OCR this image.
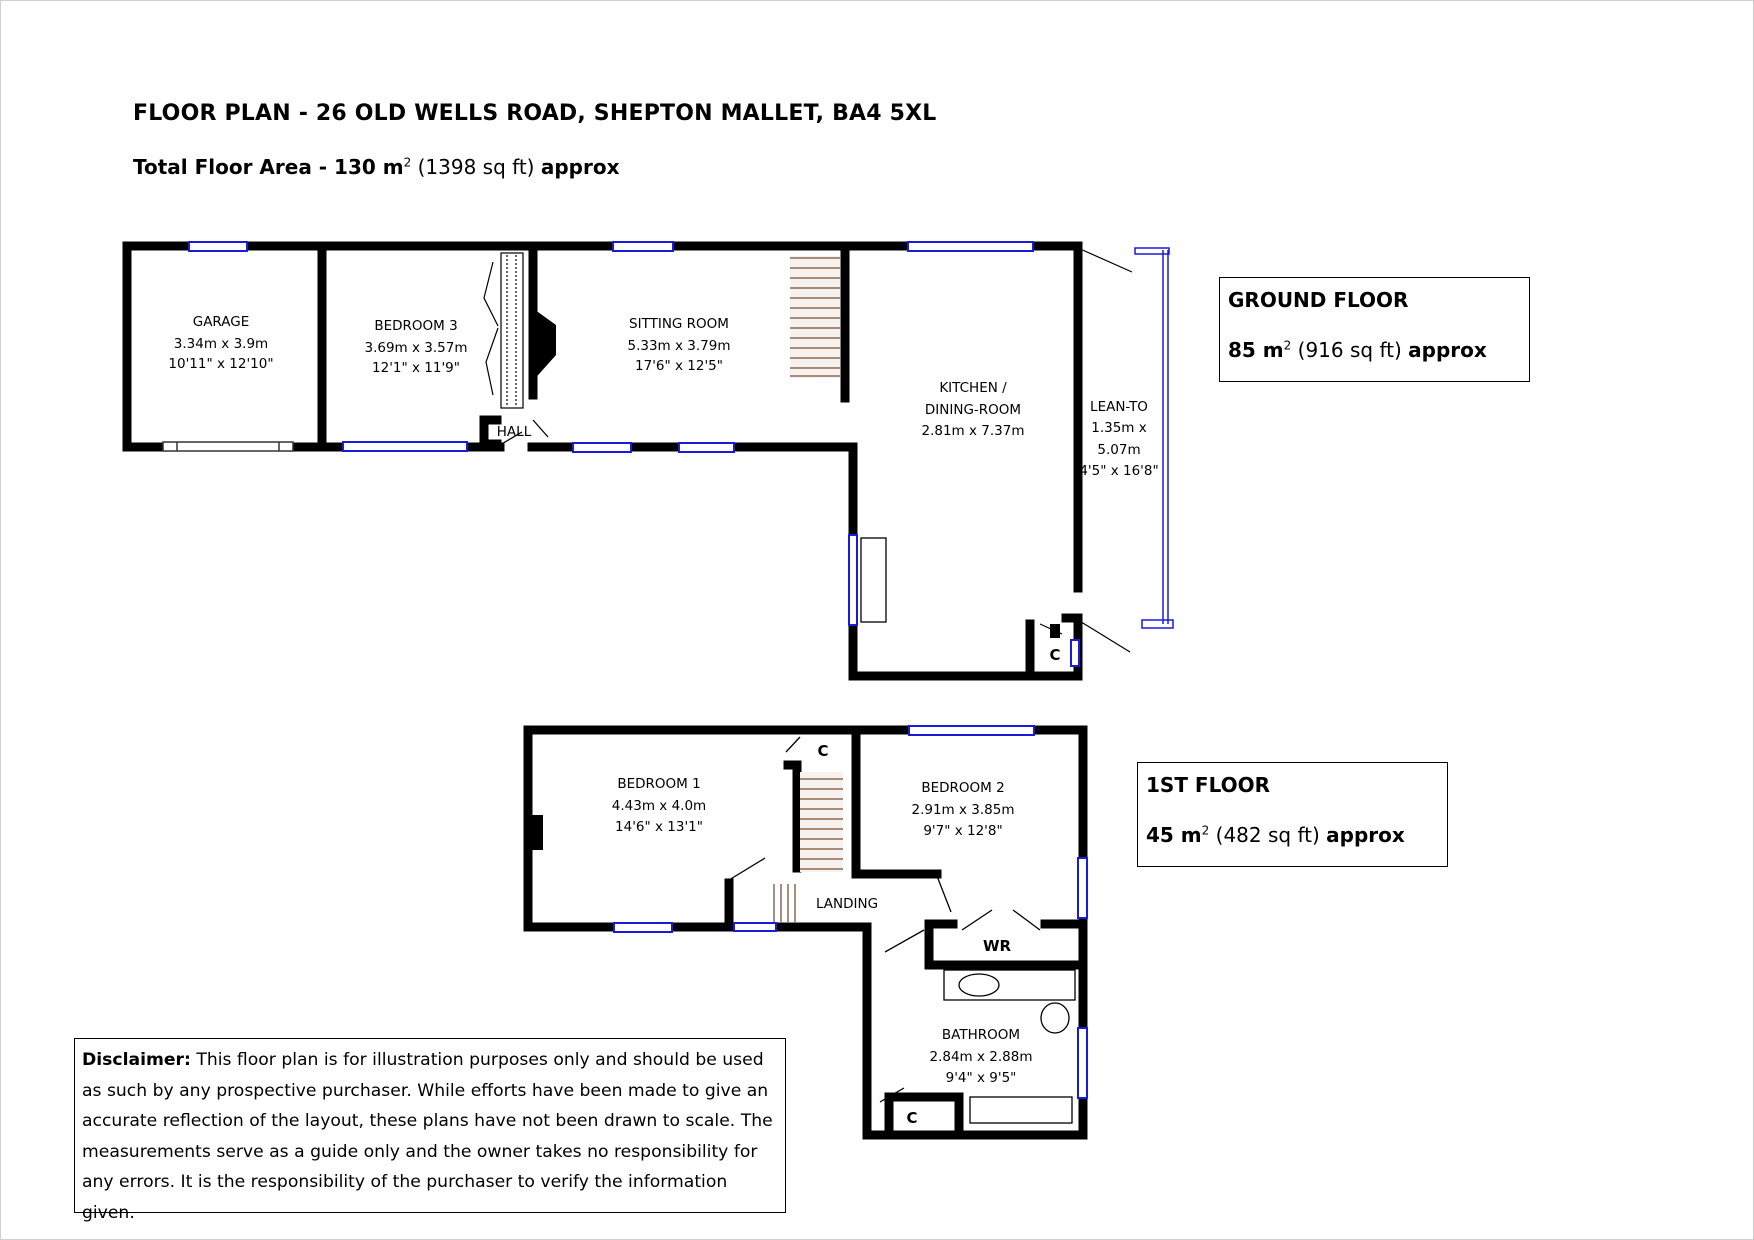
FLOOR PLAN - 26 OLD WELLS ROAD, SHEPTON MALLET, BA4 5XL
Total Floor Area - 130 $m^2$ (1398 sq ft) approx
GARAGE
3.34m x 3.9m
10'11" x 12'10"
BEDROOM 3
3.69m x 3.57m
12'1" x 11'9"
SITTING ROOM
5.33m x 3.79m
17'6" x 12'5"
KITCHEN /
DINING-ROOM
2.81m x 7.37m
LEAN-TO
1.35m x
5.07m
4'5" x 16'8"
HALL
C
BEDROOM 1
4.43m x 4.0m
14'6" x 13'1"
BEDROOM 2
2.91m x 3.85m
9'7" x 12'8"
LANDING
WR
BATHROOM
2.84m x 2.88m
9'4" x 9'5"
C
C
GROUND FLOOR
85 $m^2$ (916 sq ft) approx
1ST FLOOR
45 $m^2$ (482 sq ft) approx
Disclaimer: This floor plan is for illustration purposes only and should be used as such by any prospective purchaser. While efforts have been made to give an accurate reflection of the layout, these plans have not been drawn to scale. The measurements serve as a guide only and the owner takes no responsibility for any errors. It is the responsibility of the purchaser to verify the information given.
